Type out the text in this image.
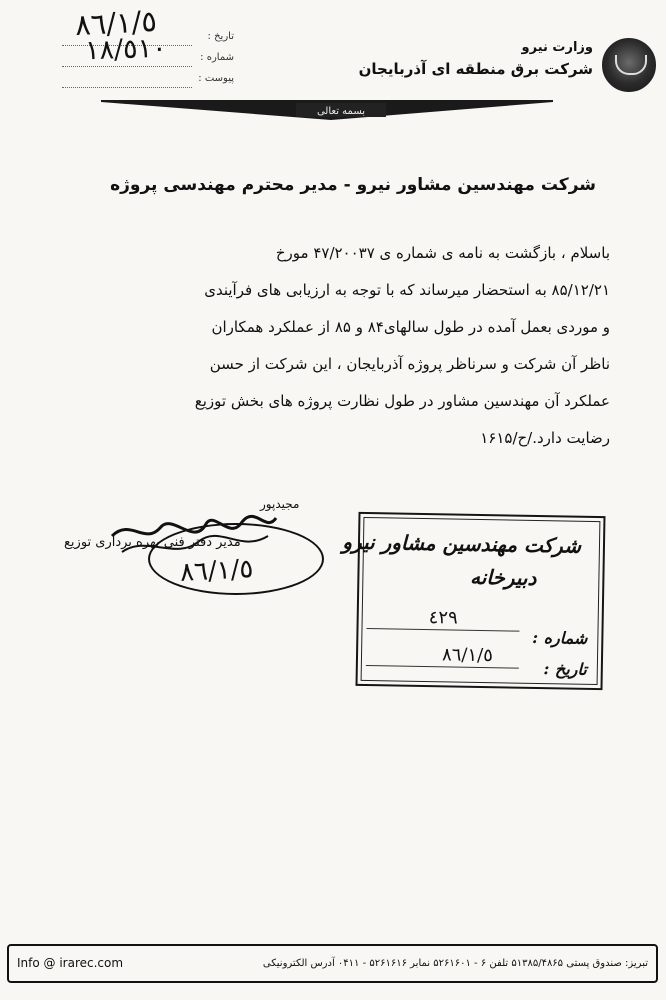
وزارت نیرو
شرکت برق منطقه ای آذربایجان
تاریخ :
شماره :
پیوست :
٨٦/١/٥
١٨/٥١٠
بسمه تعالی
شرکت مهندسین مشاور نیرو - مدیر محترم مهندسی پروژه
باسلام ، بازگشت به نامه ی شماره ی ۴۷/۲۰۰۳۷ مورخ
۸۵/۱۲/۲۱ به استحضار میرساند که با توجه به ارزیابی های فرآیندی
و موردی بعمل آمده در طول سالهای۸۴ و ۸۵ از عملکرد همکاران
ناظر آن شرکت و سرناظر پروژه آذربایجان ، این شرکت از حسن
عملکرد آن مهندسین مشاور در طول نظارت پروژه های بخش توزیع
رضایت دارد./ح/۱۶۱۵
مجیدپور
مدیر دفتر فنی بهره برداری توزیع
٨٦/١/٥
شرکت مهندسین مشاور نیرو
دبیرخانه
٤٢٩
شماره :
٨٦/١/٥
تاریخ :
Info @ irarec.com	تبریز: صندوق پستی ۵۱۳۸۵/۴۸۶۵ تلفن ۶ - ۵۲۶۱۶۰۱ نمابر ۵۲۶۱۶۱۶ - ۰۴۱۱ آدرس الکترونیکی
